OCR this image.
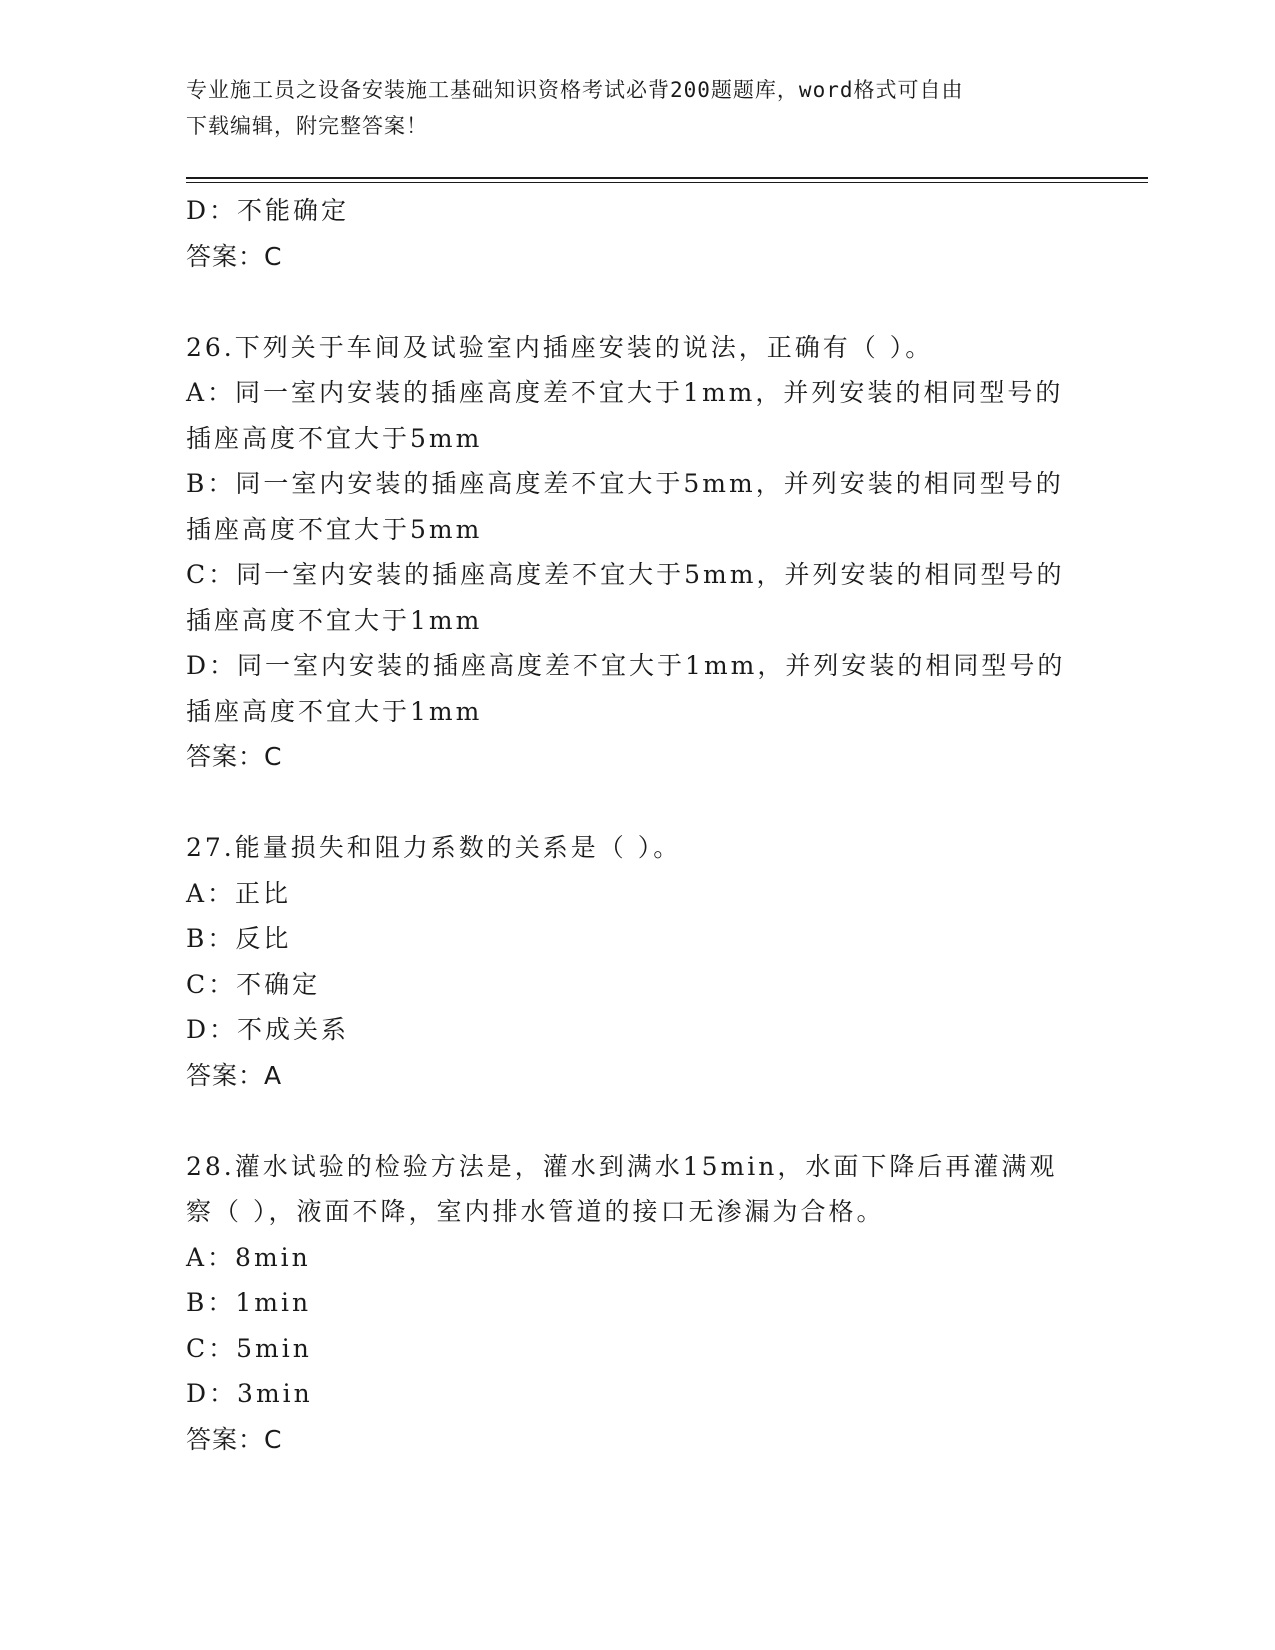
专业施工员之设备安装施工基础知识资格考试必背200题题库，word格式可自由
下载编辑，附完整答案！
D：不能确定
答案：C
26.下列关于车间及试验室内插座安装的说法，正确有（ ）。
A：同一室内安装的插座高度差不宜大于1mm，并列安装的相同型号的
插座高度不宜大于5mm
B：同一室内安装的插座高度差不宜大于5mm，并列安装的相同型号的
插座高度不宜大于5mm
C：同一室内安装的插座高度差不宜大于5mm，并列安装的相同型号的
插座高度不宜大于1mm
D：同一室内安装的插座高度差不宜大于1mm，并列安装的相同型号的
插座高度不宜大于1mm
答案：C
27.能量损失和阻力系数的关系是（ ）。
A：正比
B：反比
C：不确定
D：不成关系
答案：A
28.灌水试验的检验方法是，灌水到满水15min，水面下降后再灌满观
察（ ），液面不降，室内排水管道的接口无渗漏为合格。
A：8min
B：1min
C：5min
D：3min
答案：C
